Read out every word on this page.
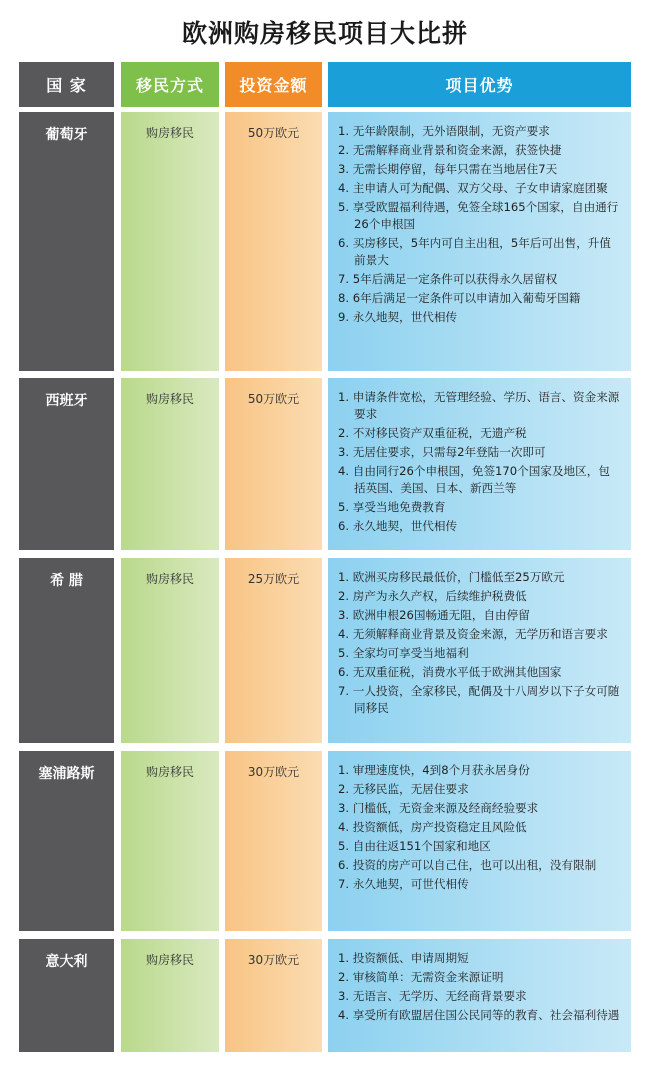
欧洲购房移民项目大比拼
国 家	移民方式	投资金额	项目优势
葡萄牙	购房移民	50万欧元	1. 无年龄限制，无外语限制，无资产要求
2. 无需解释商业背景和资金来源，获签快捷
3. 无需长期停留，每年只需在当地居住7天
4. 主申请人可为配偶、双方父母、子女申请家庭团聚
5. 享受欧盟福利待遇，免签全球165个国家，自由通行26个申根国
6. 买房移民，5年内可自主出租，5年后可出售，升值前景大
7. 5年后满足一定条件可以获得永久居留权
8. 6年后满足一定条件可以申请加入葡萄牙国籍
9. 永久地契，世代相传
西班牙	购房移民	50万欧元	1. 申请条件宽松，无管理经验、学历、语言、资金来源要求
2. 不对移民资产双重征税，无遗产税
3. 无居住要求，只需每2年登陆一次即可
4. 自由同行26个申根国，免签170个国家及地区，包括英国、美国、日本、新西兰等
5. 享受当地免费教育
6. 永久地契，世代相传
希 腊	购房移民	25万欧元	1. 欧洲买房移民最低价，门槛低至25万欧元
2. 房产为永久产权，后续维护税费低
3. 欧洲申根26国畅通无阻，自由停留
4. 无须解释商业背景及资金来源，无学历和语言要求
5. 全家均可享受当地福利
6. 无双重征税，消费水平低于欧洲其他国家
7. 一人投资，全家移民，配偶及十八周岁以下子女可随同移民
塞浦路斯	购房移民	30万欧元	1. 审理速度快，4到8个月获永居身份
2. 无移民监，无居住要求
3. 门槛低，无资金来源及经商经验要求
4. 投资额低，房产投资稳定且风险低
5. 自由往返151个国家和地区
6. 投资的房产可以自己住，也可以出租，没有限制
7. 永久地契，可世代相传
意大利	购房移民	30万欧元	1. 投资额低、申请周期短
2. 审核简单：无需资金来源证明
3. 无语言、无学历、无经商背景要求
4. 享受所有欧盟居住国公民同等的教育、社会福利待遇
